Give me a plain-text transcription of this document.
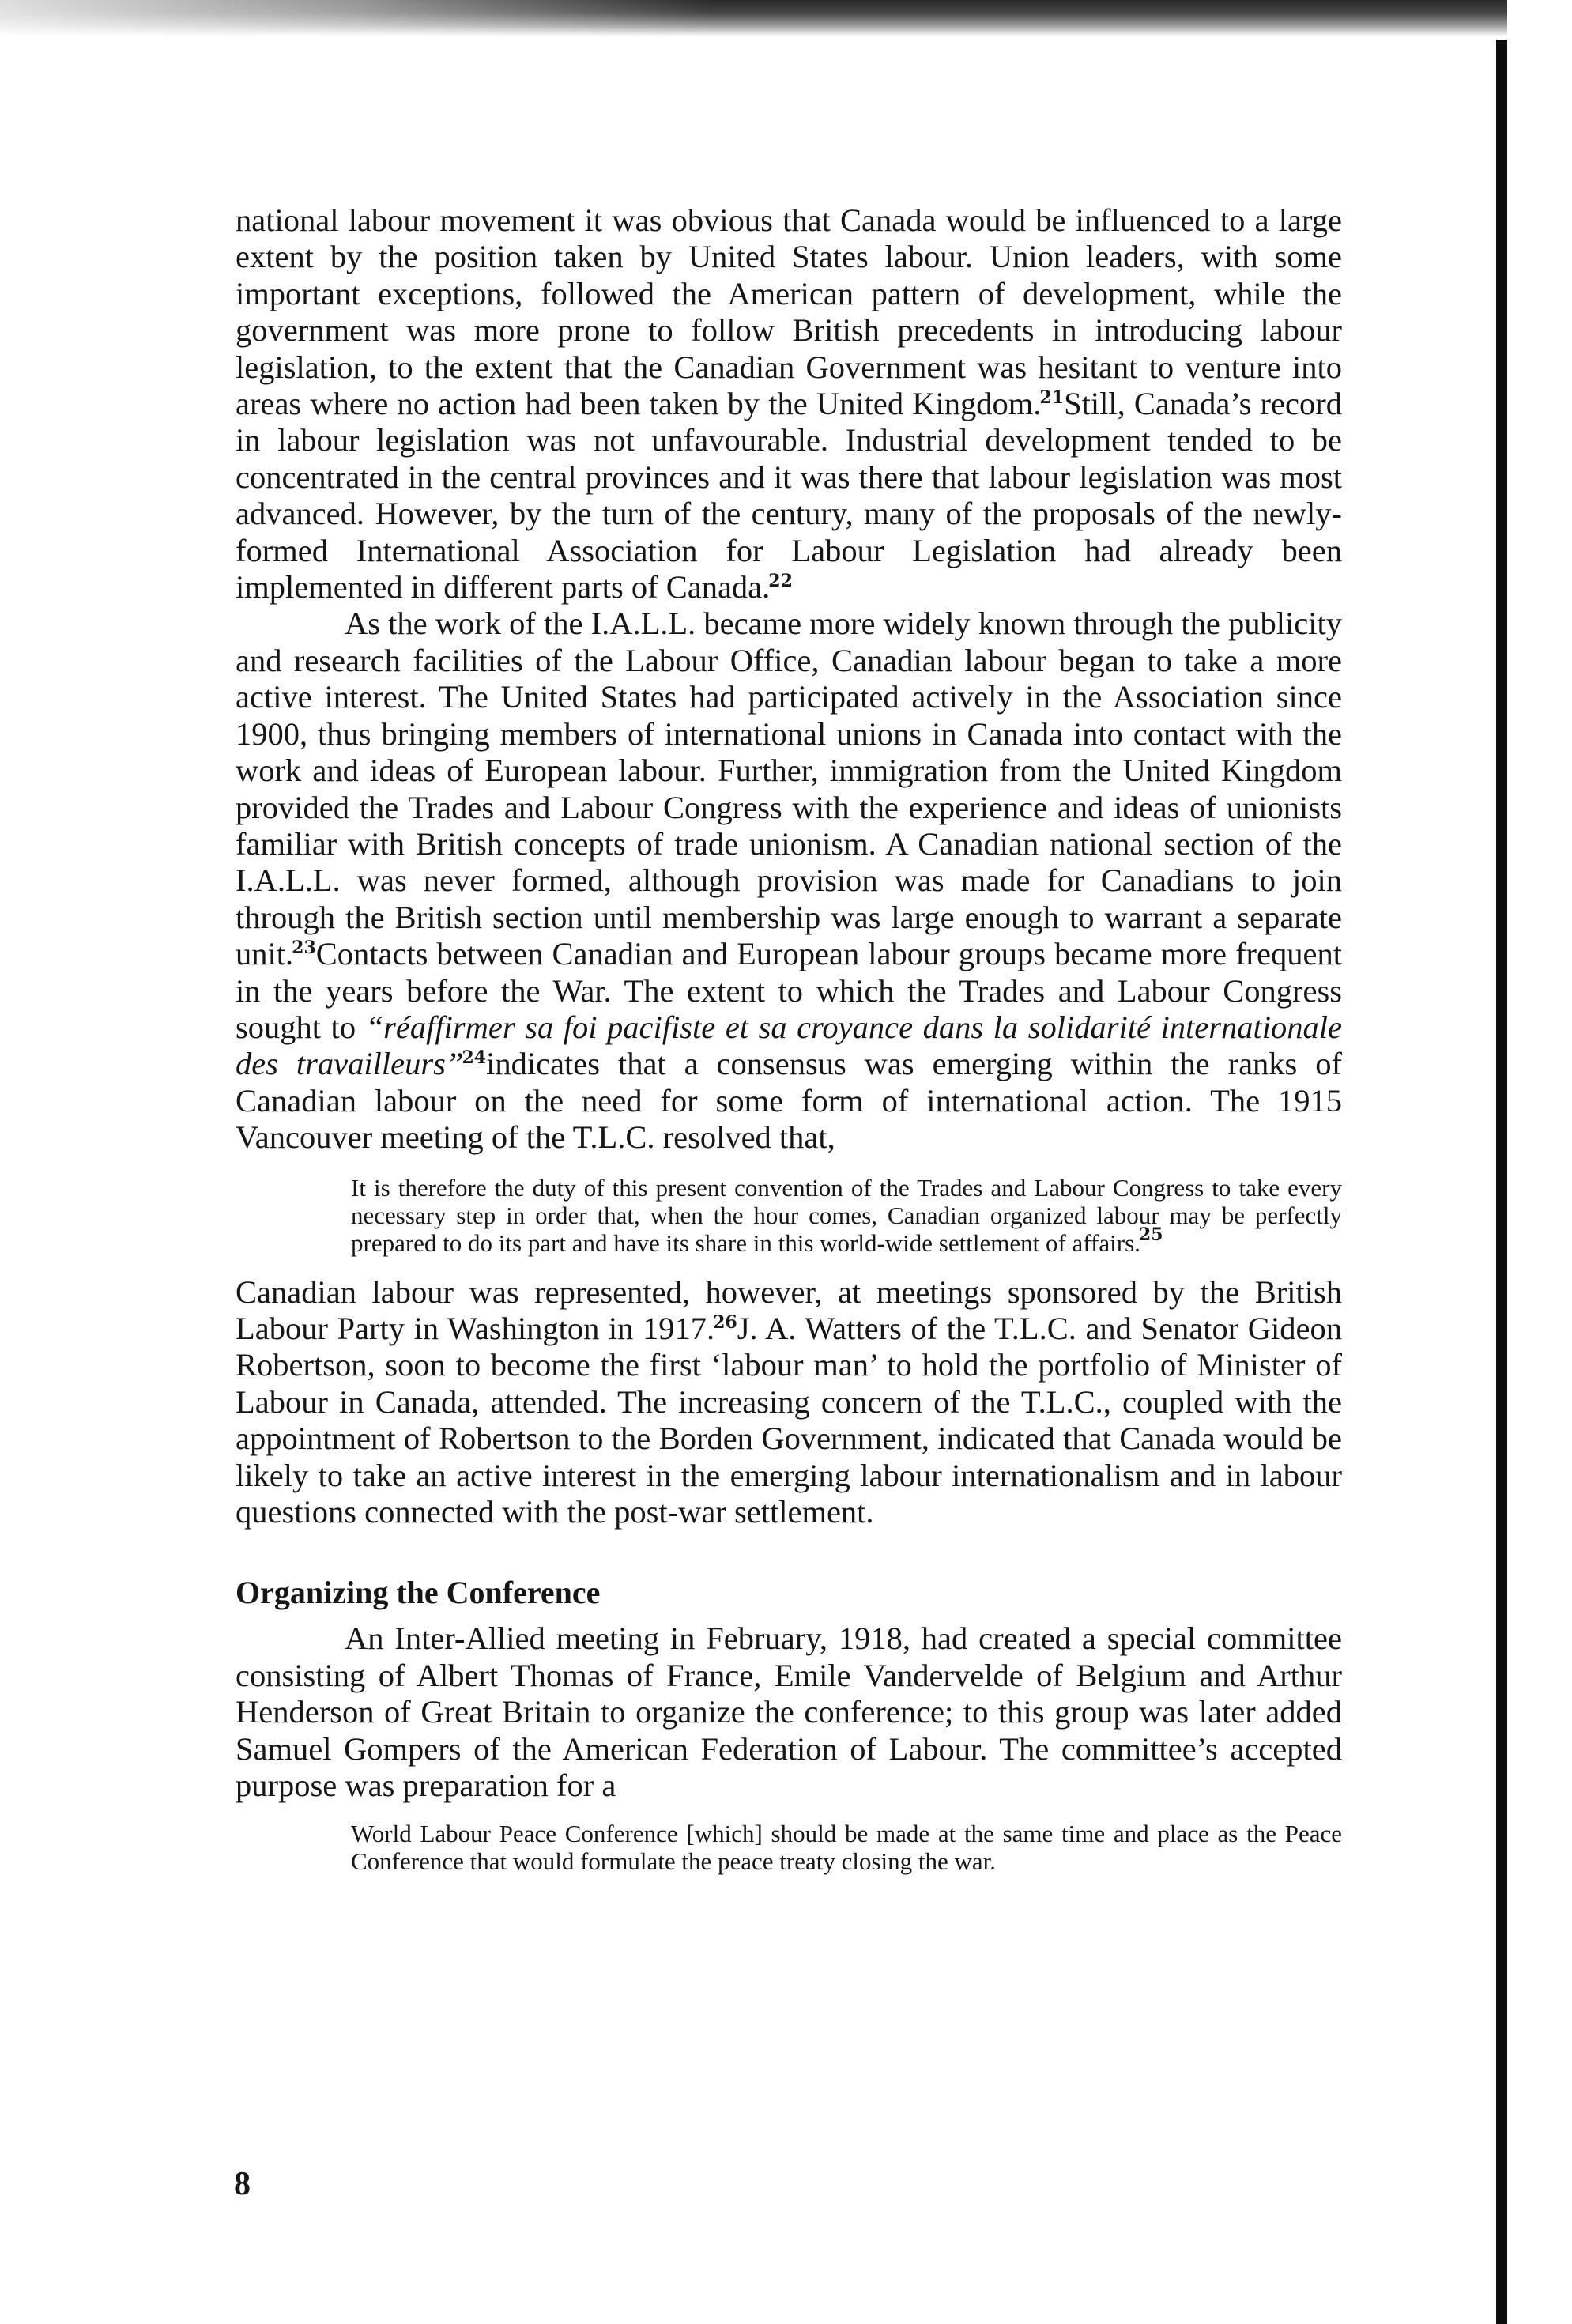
national labour movement it was obvious that Canada would be influenced to a large extent by the position taken by United States labour. Union leaders, with some important exceptions, followed the American pattern of development, while the government was more prone to follow British precedents in introducing labour legislation, to the extent that the Canadian Government was hesitant to venture into areas where no action had been taken by the United Kingdom.$^{21}$Still, Canada’s record in labour legislation was not unfavourable. Industrial development tended to be concentrated in the central provinces and it was there that labour legislation was most advanced. However, by the turn of the century, many of the proposals of the newly-formed International Association for Labour Legislation had already been implemented in different parts of Canada.$^{22}$

As the work of the I.A.L.L. became more widely known through the publicity and research facilities of the Labour Office, Canadian labour began to take a more active interest. The United States had participated actively in the Association since 1900, thus bringing members of international unions in Canada into contact with the work and ideas of European labour. Further, immigration from the United Kingdom provided the Trades and Labour Congress with the experience and ideas of unionists familiar with British concepts of trade unionism. A Canadian national section of the I.A.L.L. was never formed, although provision was made for Canadians to join through the British section until membership was large enough to warrant a separate unit.$^{23}$Contacts between Canadian and European labour groups became more frequent in the years before the War. The extent to which the Trades and Labour Congress sought to “réaffirmer sa foi pacifiste et sa croyance dans la solidarité internationale des travailleurs”$^{24}$indicates that a consensus was emerging within the ranks of Canadian labour on the need for some form of international action. The 1915 Vancouver meeting of the T.L.C. resolved that,

It is therefore the duty of this present convention of the Trades and Labour Congress to take every necessary step in order that, when the hour comes, Canadian organized labour may be perfectly prepared to do its part and have its share in this world-wide settlement of affairs.$^{25}$

Canadian labour was represented, however, at meetings sponsored by the British Labour Party in Washington in 1917.26J. A. Watters of the T.L.C. and Senator Gideon Robertson, soon to become the first ‘labour man’ to hold the portfolio of Minister of Labour in Canada, attended. The increasing concern of the T.L.C., coupled with the appointment of Robertson to the Borden Government, indicated that Canada would be likely to take an active interest in the emerging labour internationalism and in labour questions connected with the post-war settlement.

Organizing the Conference

An Inter-Allied meeting in February, 1918, had created a special committee consisting of Albert Thomas of France, Emile Vandervelde of Belgium and Arthur Henderson of Great Britain to organize the conference; to this group was later added Samuel Gompers of the American Federation of Labour. The committee’s accepted purpose was preparation for a

World Labour Peace Conference [which] should be made at the same time and place as the Peace Conference that would formulate the peace treaty closing the war.

8
